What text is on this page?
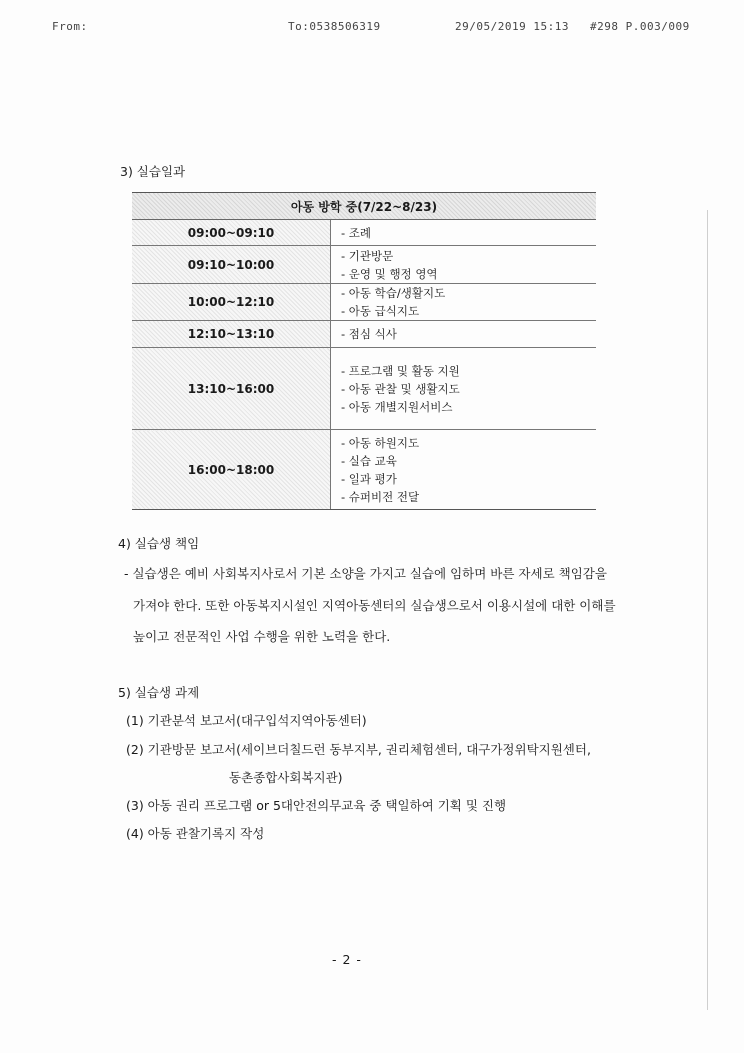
From:	To:0538506319	29/05/2019 15:13 #298 P.003/009
3) 실습일과
아동 방학 중(7/22~8/23)	
09:00~09:10	- 조례

09:10~10:00	- 기관방문
- 운영 및 행정 영역

10:00~12:10	- 아동 학습/생활지도
- 아동 급식지도

12:10~13:10	- 점심 식사

13:10~16:00	- 프로그램 및 활동 지원
- 아동 관찰 및 생활지도
- 아동 개별지원서비스

16:00~18:00	- 아동 하원지도
- 실습 교육
- 일과 평가
- 슈퍼비전 전달
4) 실습생 책임
- 실습생은 예비 사회복지사로서 기본 소양을 가지고 실습에 임하며 바른 자세로 책임감을
가져야 한다. 또한 아동복지시설인 지역아동센터의 실습생으로서 이용시설에 대한 이해를
높이고 전문적인 사업 수행을 위한 노력을 한다.
5) 실습생 과제
(1) 기관분석 보고서(대구입석지역아동센터)
(2) 기관방문 보고서(세이브더칠드런 동부지부, 권리체험센터, 대구가정위탁지원센터,
동촌종합사회복지관)
(3) 아동 권리 프로그램 or 5대안전의무교육 중 택일하여 기획 및 진행
(4) 아동 관찰기록지 작성
- 2 -
